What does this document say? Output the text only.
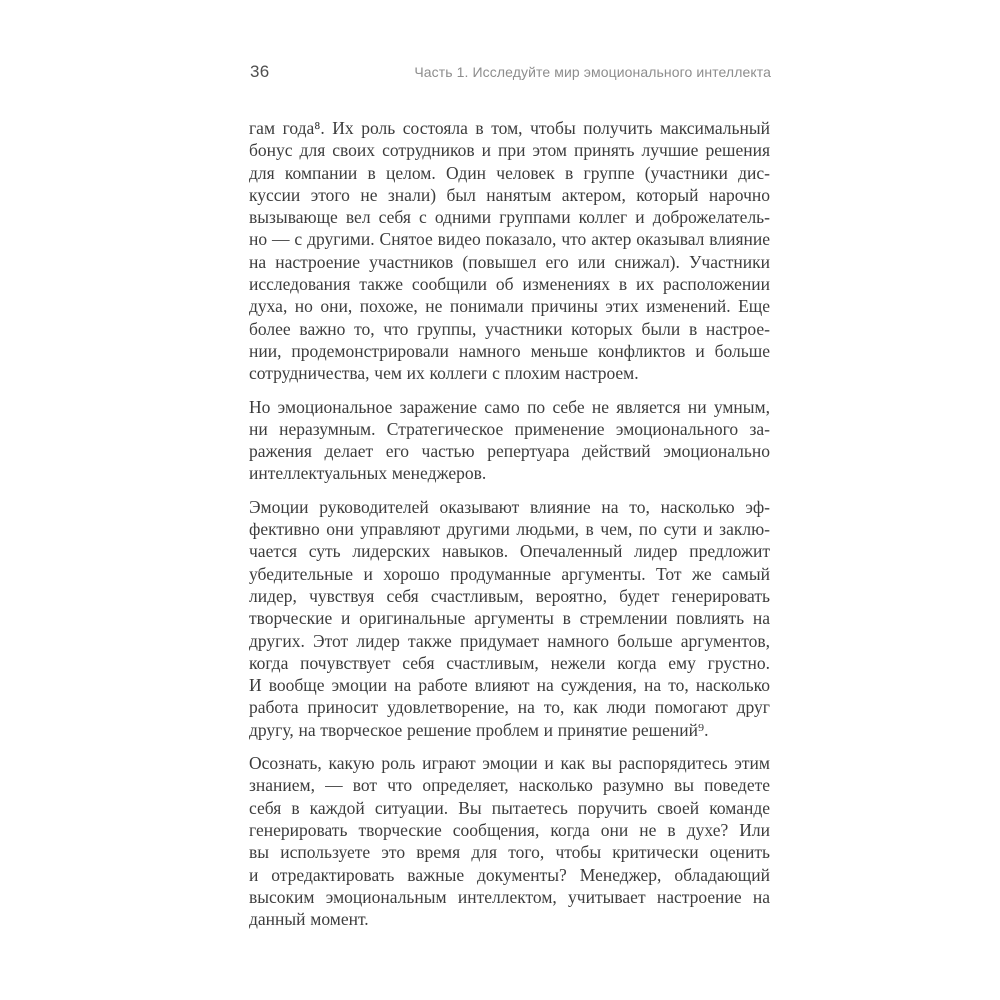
36	Часть 1. Исследуйте мир эмоционального интеллекта
гам года⁸. Их роль состояла в том, чтобы получить максимальный
бонус для своих сотрудников и при этом принять лучшие решения
для компании в целом. Один человек в группе (участники дис-
куссии этого не знали) был нанятым актером, который нарочно
вызывающе вел себя с одними группами коллег и доброжелатель-
но — с другими. Снятое видео показало, что актер оказывал влияние
на настроение участников (повышел его или снижал). Участники
исследования также сообщили об изменениях в их расположении
духа, но они, похоже, не понимали причины этих изменений. Еще
более важно то, что группы, участники которых были в настрое-
нии, продемонстрировали намного меньше конфликтов и больше
сотрудничества, чем их коллеги с плохим настроем.
Но эмоциональное заражение само по себе не является ни умным,
ни неразумным. Стратегическое применение эмоционального за-
ражения делает его частью репертуара действий эмоционально
интеллектуальных менеджеров.
Эмоции руководителей оказывают влияние на то, насколько эф-
фективно они управляют другими людьми, в чем, по сути и заклю-
чается суть лидерских навыков. Опечаленный лидер предложит
убедительные и хорошо продуманные аргументы. Тот же самый
лидер, чувствуя себя счастливым, вероятно, будет генерировать
творческие и оригинальные аргументы в стремлении повлиять на
других. Этот лидер также придумает намного больше аргументов,
когда почувствует себя счастливым, нежели когда ему грустно.
И вообще эмоции на работе влияют на суждения, на то, насколько
работа приносит удовлетворение, на то, как люди помогают друг
другу, на творческое решение проблем и принятие решений⁹.
Осознать, какую роль играют эмоции и как вы распорядитесь этим
знанием, — вот что определяет, насколько разумно вы поведете
себя в каждой ситуации. Вы пытаетесь поручить своей команде
генерировать творческие сообщения, когда они не в духе? Или
вы используете это время для того, чтобы критически оценить
и отредактировать важные документы? Менеджер, обладающий
высоким эмоциональным интеллектом, учитывает настроение на
данный момент.
